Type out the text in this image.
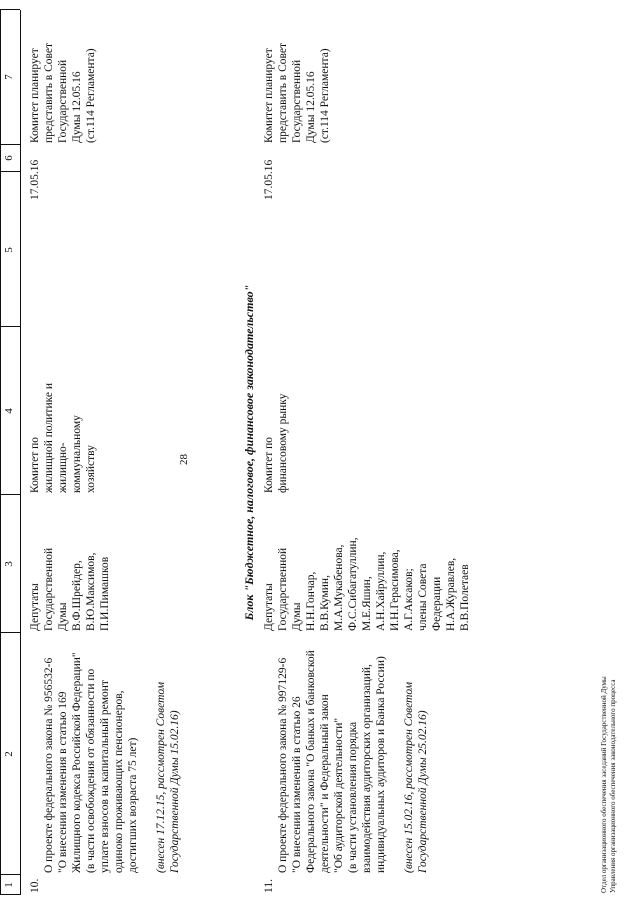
28
1
2
3
4
5
6
7
10.

О проекте федерального закона № 956532-6
"О внесении изменения в статью 169
Жилищного кодекса Российской Федерации"
(в части освобождения от обязанности по
уплате взносов на капитальный ремонт
одиноко проживающих пенсионеров,
достигших возраста 75 лет)

(внесен 17.12.15, рассмотрен Советом
Государственной Думы 15.02.16)

Депутаты
Государственной
Думы
В.Ф.Шрейдер,
В.Ю.Максимов,
П.И.Пимашков
Комитет по
жилищной политике и
жилищно-
коммунальному
хозяйству
17.05.16
Комитет планирует
представить в Совет
Государственной
Думы 12.05.16
(ст.114 Регламента)
Блок "Бюджетное, налоговое, финансовое законодательство"
11.

О проекте федерального закона № 997129-6
"О внесении изменений в статью 26
Федерального закона "О банках и банковской
деятельности" и Федеральный закон
"Об аудиторской деятельности"
(в части установления порядка
взаимодействия аудиторских организаций,
индивидуальных аудиторов и Банка России)

(внесен 15.02.16, рассмотрен Советом
Государственной Думы 25.02.16)

Депутаты
Государственной
Думы
Н.Н.Гончар,
В.В.Кумин,
М.А.Мукабенова,
Ф.С.Сибагатуллин,
М.Е.Яшин,
А.Н.Хайруллин,
И.Н.Герасимова,
А.Г.Аксаков;
члены Совета
Федерации
Н.А.Журавлев,
В.В.Полетаев
Комитет по
финансовому рынку
17.05.16
Комитет планирует
представить в Совет
Государственной
Думы 12.05.16
(ст.114 Регламента)
Отдел организационного обеспечения заседаний Государственной Думы
Управления организационного обеспечения законодательного процесса
